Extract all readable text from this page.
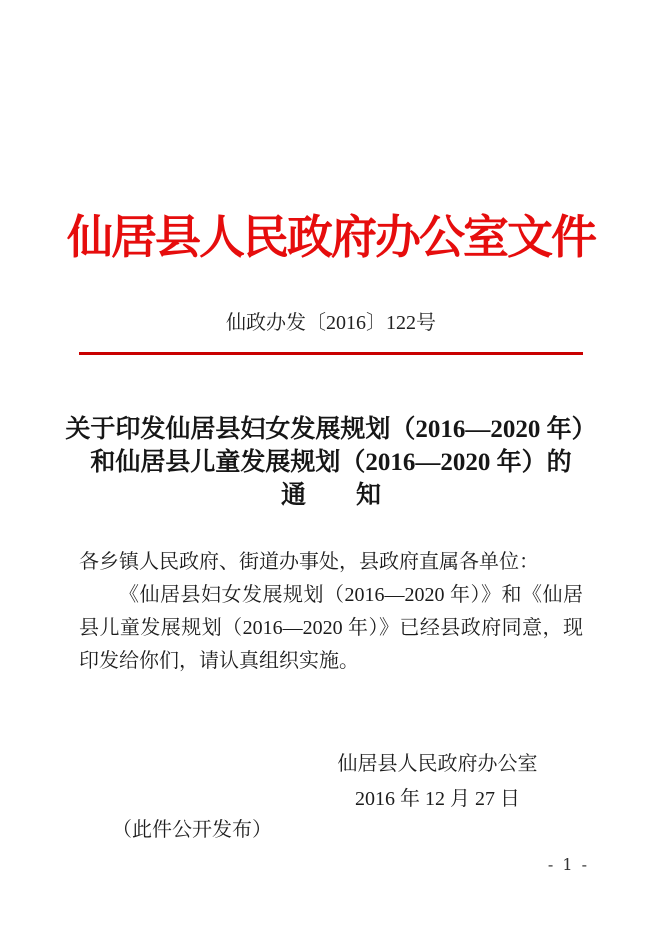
仙居县人民政府办公室文件
仙政办发〔2016〕122号
关于印发仙居县妇女发展规划（2016—2020 年）
和仙居县儿童发展规划（2016—2020 年）的
通　　知

各乡镇人民政府、街道办事处，县政府直属各单位：

《仙居县妇女发展规划（2016—2020 年）》和《仙居县儿童发展规划（2016—2020 年）》已经县政府同意，现印发给你们，请认真组织实施。

仙居县人民政府办公室
2016 年 12 月 27 日
（此件公开发布）
- 1 -
